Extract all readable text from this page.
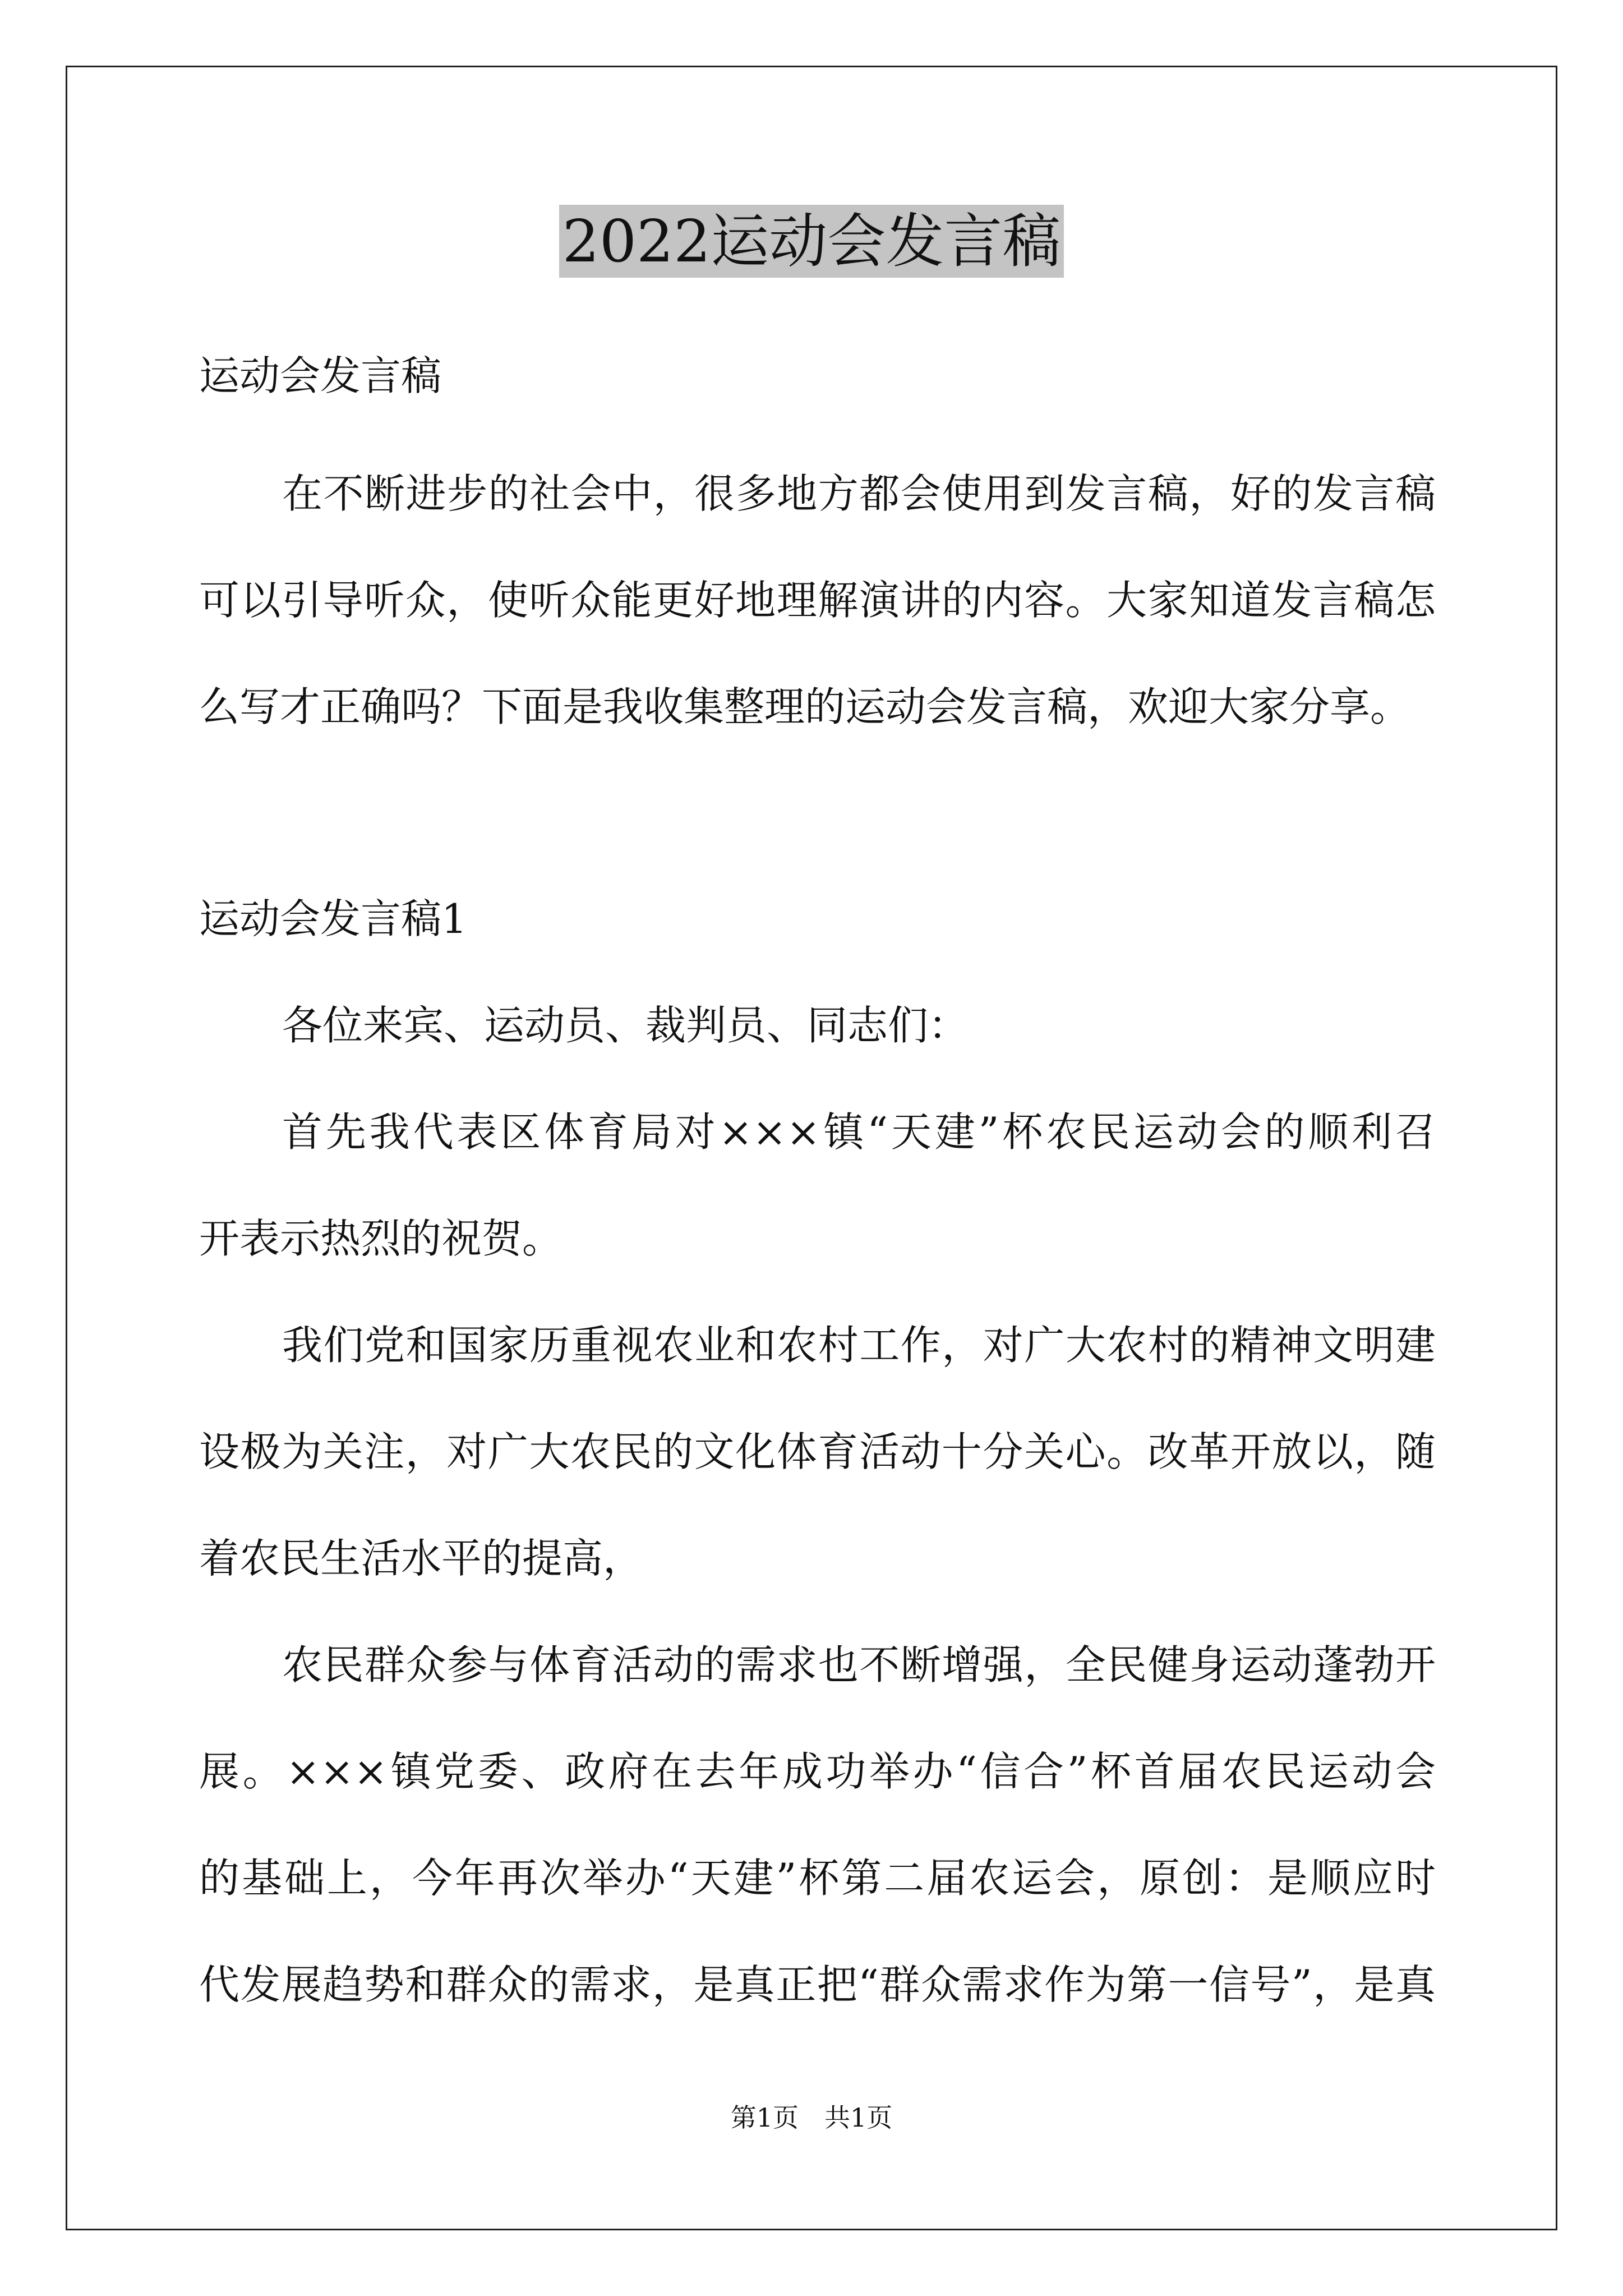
2022运动会发言稿

运动会发言稿

在不断进步的社会中，很多地方都会使用到发言稿，好的发言稿

可以引导听众，使听众能更好地理解演讲的内容。大家知道发言稿怎

么写才正确吗？下面是我收集整理的运动会发言稿，欢迎大家分享。

运动会发言稿1

各位来宾、运动员、裁判员、同志们：

首先我代表区体育局对×××镇“天建”杯农民运动会的顺利召

开表示热烈的祝贺。

我们党和国家历重视农业和农村工作，对广大农村的精神文明建

设极为关注，对广大农民的文化体育活动十分关心。改革开放以，随

着农民生活水平的提高，

农民群众参与体育活动的需求也不断增强，全民健身运动蓬勃开

展。×××镇党委、政府在去年成功举办“信合”杯首届农民运动会

的基础上，今年再次举办“天建”杯第二届农运会，原创：是顺应时

代发展趋势和群众的需求，是真正把“群众需求作为第一信号”，是真

第1页　共1页
